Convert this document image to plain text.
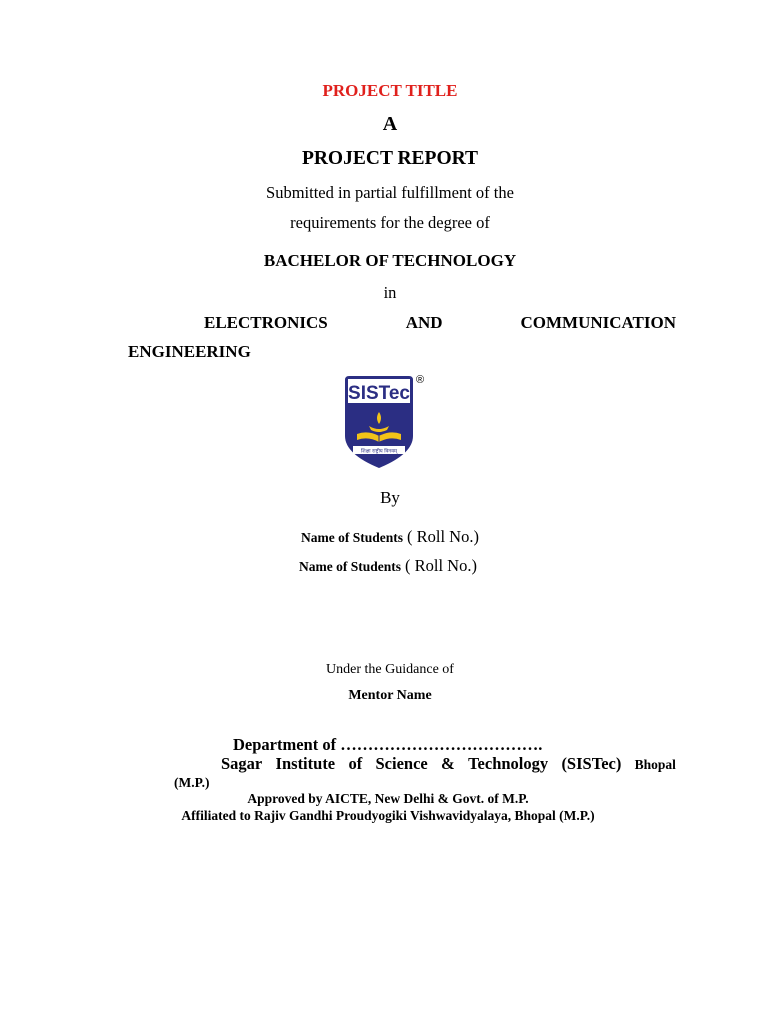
PROJECT TITLE
A
PROJECT REPORT
Submitted in partial fulfillment of the
requirements for the degree of
BACHELOR OF TECHNOLOGY
in
ELECTRONICS	AND	COMMUNICATION
ENGINEERING
SISTec
शिक्षा राष्ट्रीय विनयम्
®
By
Name of Students ( Roll No.)
Name of Students ( Roll No.)
Under the Guidance of
Mentor Name
Department of ……………………………….
Sagar Institute of Science & Technology (SISTec) Bhopal
(M.P.)
Approved by AICTE, New Delhi & Govt. of M.P.
Affiliated to Rajiv Gandhi Proudyogiki Vishwavidyalaya, Bhopal (M.P.)
